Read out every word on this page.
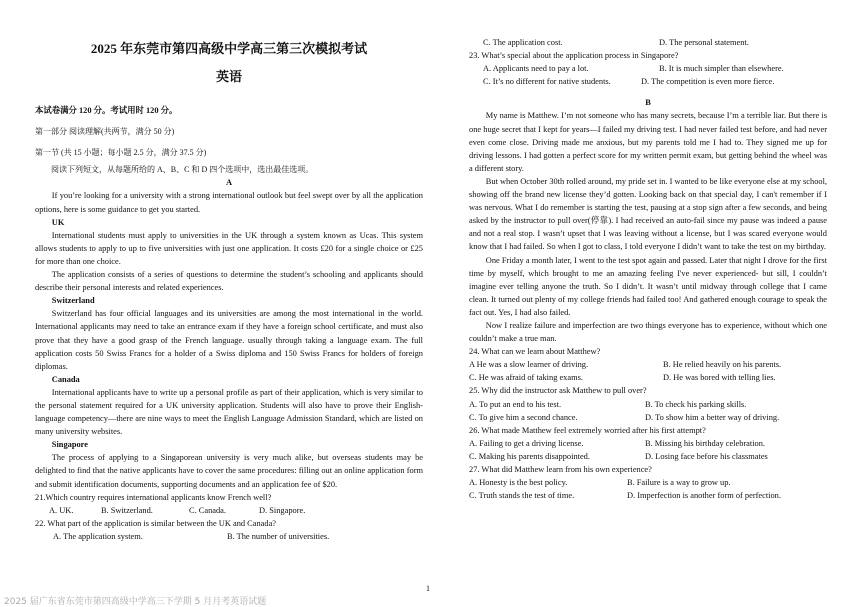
2025 年东莞市第四高级中学高三第三次模拟考试
英语

本试卷满分 120 分。考试用时 120 分。

第一部分 阅读理解(共两节，满分 50 分)

第一节 (共 15 小题；每小题 2.5 分，满分 37.5 分)

阅读下列短文，从每题所给的 A、B、C 和 D 四个选项中，选出最佳选项。

A

If you’re looking for a university with a strong international outlook but feel swept over by all the application options, here is some guidance to get you started.

UK

International students must apply to universities in the UK through a system known as Ucas. This system allows students to apply to up to five universities with just one application. It costs £20 for a single choice or £25 for more than one choice.

The application consists of a series of questions to determine the student’s schooling and applicants should describe their personal interests and related experiences.

Switzerland

Switzerland has four official languages and its universities are among the most international in the world. International applicants may need to take an entrance exam if they have a foreign school certificate, and must also prove that they have a good grasp of the French language. usually through taking a language exam. The full application costs 50 Swiss Francs for a holder of a Swiss diploma and 150 Swiss Francs for holders of foreign diplomas.

Canada

International applicants have to write up a personal profile as part of their application, which is very similar to the personal statement required for a UK university application. Students will also have to prove their English-language competency—there are nine ways to meet the English Language Admission Standard, which are listed on many university websites.

Singapore

The process of applying to a Singaporean university is very much alike, but overseas students may be delighted to find that the native applicants have to cover the same procedures: filling out an online application form and submit identification documents, supporting documents and an application fee of $20.

21.Which country requires international applicants know French well?

A. UK.	B. Switzerland.	C. Canada.	D. Singapore.

22. What part of the application is similar between the UK and Canada?

A. The application system.	B. The number of universities.
C. The application cost.	D. The personal statement.

23. What’s special about the application process in Singapore?

A. Applicants need to pay a lot.	B. It is much simpler than elsewhere.
C. It’s no different for native students.	D. The competition is even more fierce.

B

My name is Matthew. I’m not someone who has many secrets, because I’m a terrible liar. But there is one huge secret that I kept for years—I failed my driving test. I had never failed test before, and had never even come close. Driving made me anxious, but my parents told me I had to. They signed me up for driving lessons. I had gotten a perfect score for my written permit exam, but getting behind the wheel was a different story.

But when October 30th rolled around, my pride set in. I wanted to be like everyone else at my school, showing off the brand new license they’d gotten. Looking back on that special day, I can't remember if I was nervous. What I do remember is starting the test, pausing at a stop sign after a few seconds, and being asked by the instructor to pull over(停靠). I had received an auto-fail since my pause was indeed a pause and not a real stop. I wasn’t upset that I was leaving without a license, but I was scared everyone would know that I had failed. So when I got to class, I told everyone I didn’t want to take the test on my birthday.

One Friday a month later, I went to the test spot again and passed. Later that night I drove for the first time by myself, which brought to me an amazing feeling I've never experienced- but sill, I couldn’t imagine ever telling anyone the truth. So I didn’t. It wasn’t until midway through college that I came clean. It turned out plenty of my college friends had failed too! And gathered enough courage to speak the fact out. Yes, I had also failed.

Now I realize failure and imperfection are two things everyone has to experience, without which one couldn’t make a true man.

24. What can we learn about Matthew?

A He was a slow learner of driving.	B. He relied heavily on his parents.
C. He was afraid of taking exams.	D. He was bored with telling lies.

25. Why did the instructor ask Matthew to pull over?

A. To put an end to his test.	B. To check his parking skills.
C. To give him a second chance.	D. To show him a better way of driving.

26. What made Matthew feel extremely worried after his first attempt?

A. Failing to get a driving license.	B. Missing his birthday celebration.
C. Making his parents disappointed.	D. Losing face before his classmates

27. What did Matthew learn from his own experience?

A. Honesty is the best policy.	B. Failure is a way to grow up.
C. Truth stands the test of time.	D. Imperfection is another form of perfection.
1
2025 届广东省东莞市第四高级中学高三下学期 5 月月考英语试题
